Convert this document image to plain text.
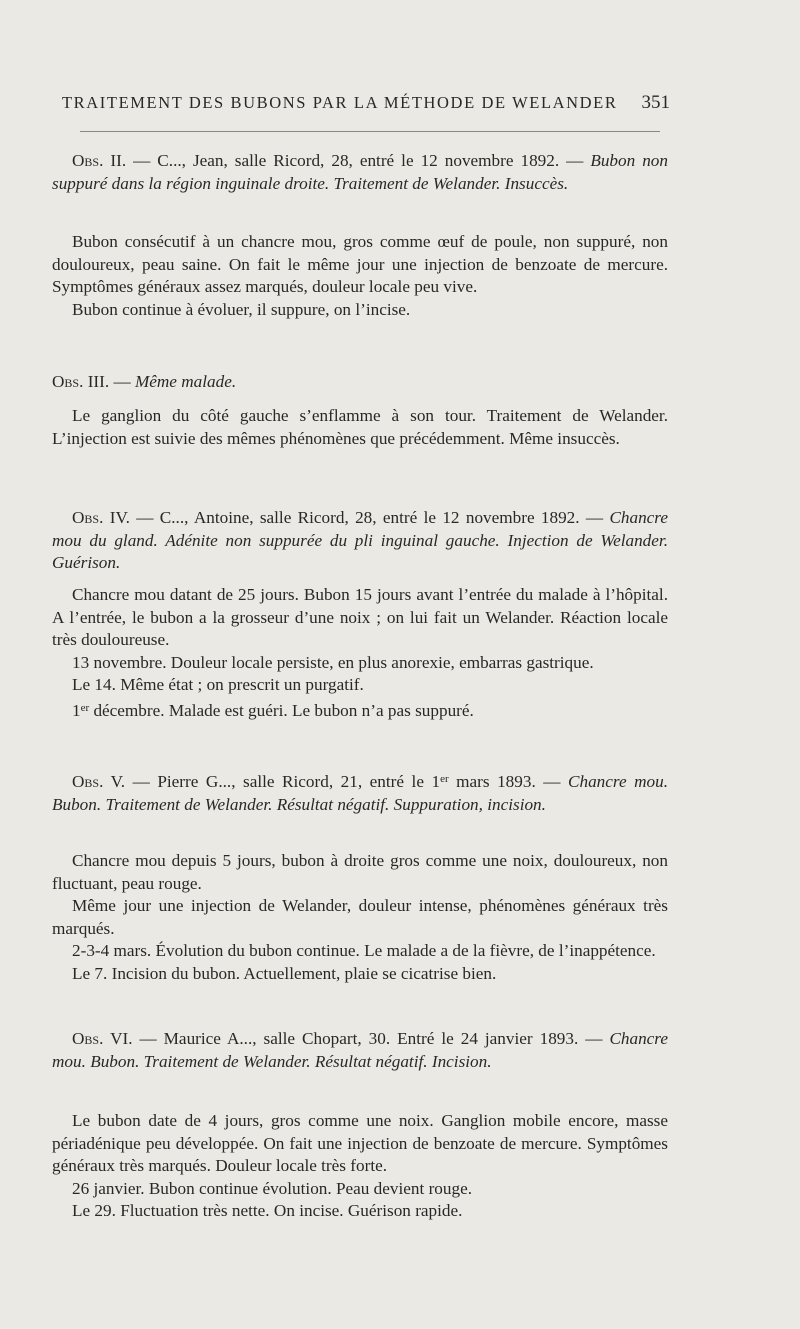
TRAITEMENT DES BUBONS PAR LA MÉTHODE DE WELANDER 351

Obs. II. — C..., Jean, salle Ricord, 28, entré le 12 novembre 1892. — Bubon non suppuré dans la région inguinale droite. Traitement de Welander. Insuccès.

Bubon consécutif à un chancre mou, gros comme œuf de poule, non suppuré, non douloureux, peau saine. On fait le même jour une injection de benzoate de mercure. Symptômes généraux assez marqués, douleur locale peu vive.

Bubon continue à évoluer, il suppure, on l’incise.

Obs. III. — Même malade.

Le ganglion du côté gauche s’enflamme à son tour. Traitement de Welander. L’injection est suivie des mêmes phénomènes que précédemment. Même insuccès.

Obs. IV. — C..., Antoine, salle Ricord, 28, entré le 12 novembre 1892. — Chancre mou du gland. Adénite non suppurée du pli inguinal gauche. Injection de Welander. Guérison.

Chancre mou datant de 25 jours. Bubon 15 jours avant l’entrée du malade à l’hôpital. A l’entrée, le bubon a la grosseur d’une noix ; on lui fait un Welander. Réaction locale très douloureuse.

13 novembre. Douleur locale persiste, en plus anorexie, embarras gastrique.

Le 14. Même état ; on prescrit un purgatif.

1er décembre. Malade est guéri. Le bubon n’a pas suppuré.

Obs. V. — Pierre G..., salle Ricord, 21, entré le 1er mars 1893. — Chancre mou. Bubon. Traitement de Welander. Résultat négatif. Suppuration, incision.

Chancre mou depuis 5 jours, bubon à droite gros comme une noix, douloureux, non fluctuant, peau rouge.

Même jour une injection de Welander, douleur intense, phénomènes généraux très marqués.

2-3-4 mars. Évolution du bubon continue. Le malade a de la fièvre, de l’inappétence.

Le 7. Incision du bubon. Actuellement, plaie se cicatrise bien.

Obs. VI. — Maurice A..., salle Chopart, 30. Entré le 24 janvier 1893. — Chancre mou. Bubon. Traitement de Welander. Résultat négatif. Incision.

Le bubon date de 4 jours, gros comme une noix. Ganglion mobile encore, masse périadénique peu développée. On fait une injection de benzoate de mercure. Symptômes généraux très marqués. Douleur locale très forte.

26 janvier. Bubon continue évolution. Peau devient rouge.

Le 29. Fluctuation très nette. On incise. Guérison rapide.
